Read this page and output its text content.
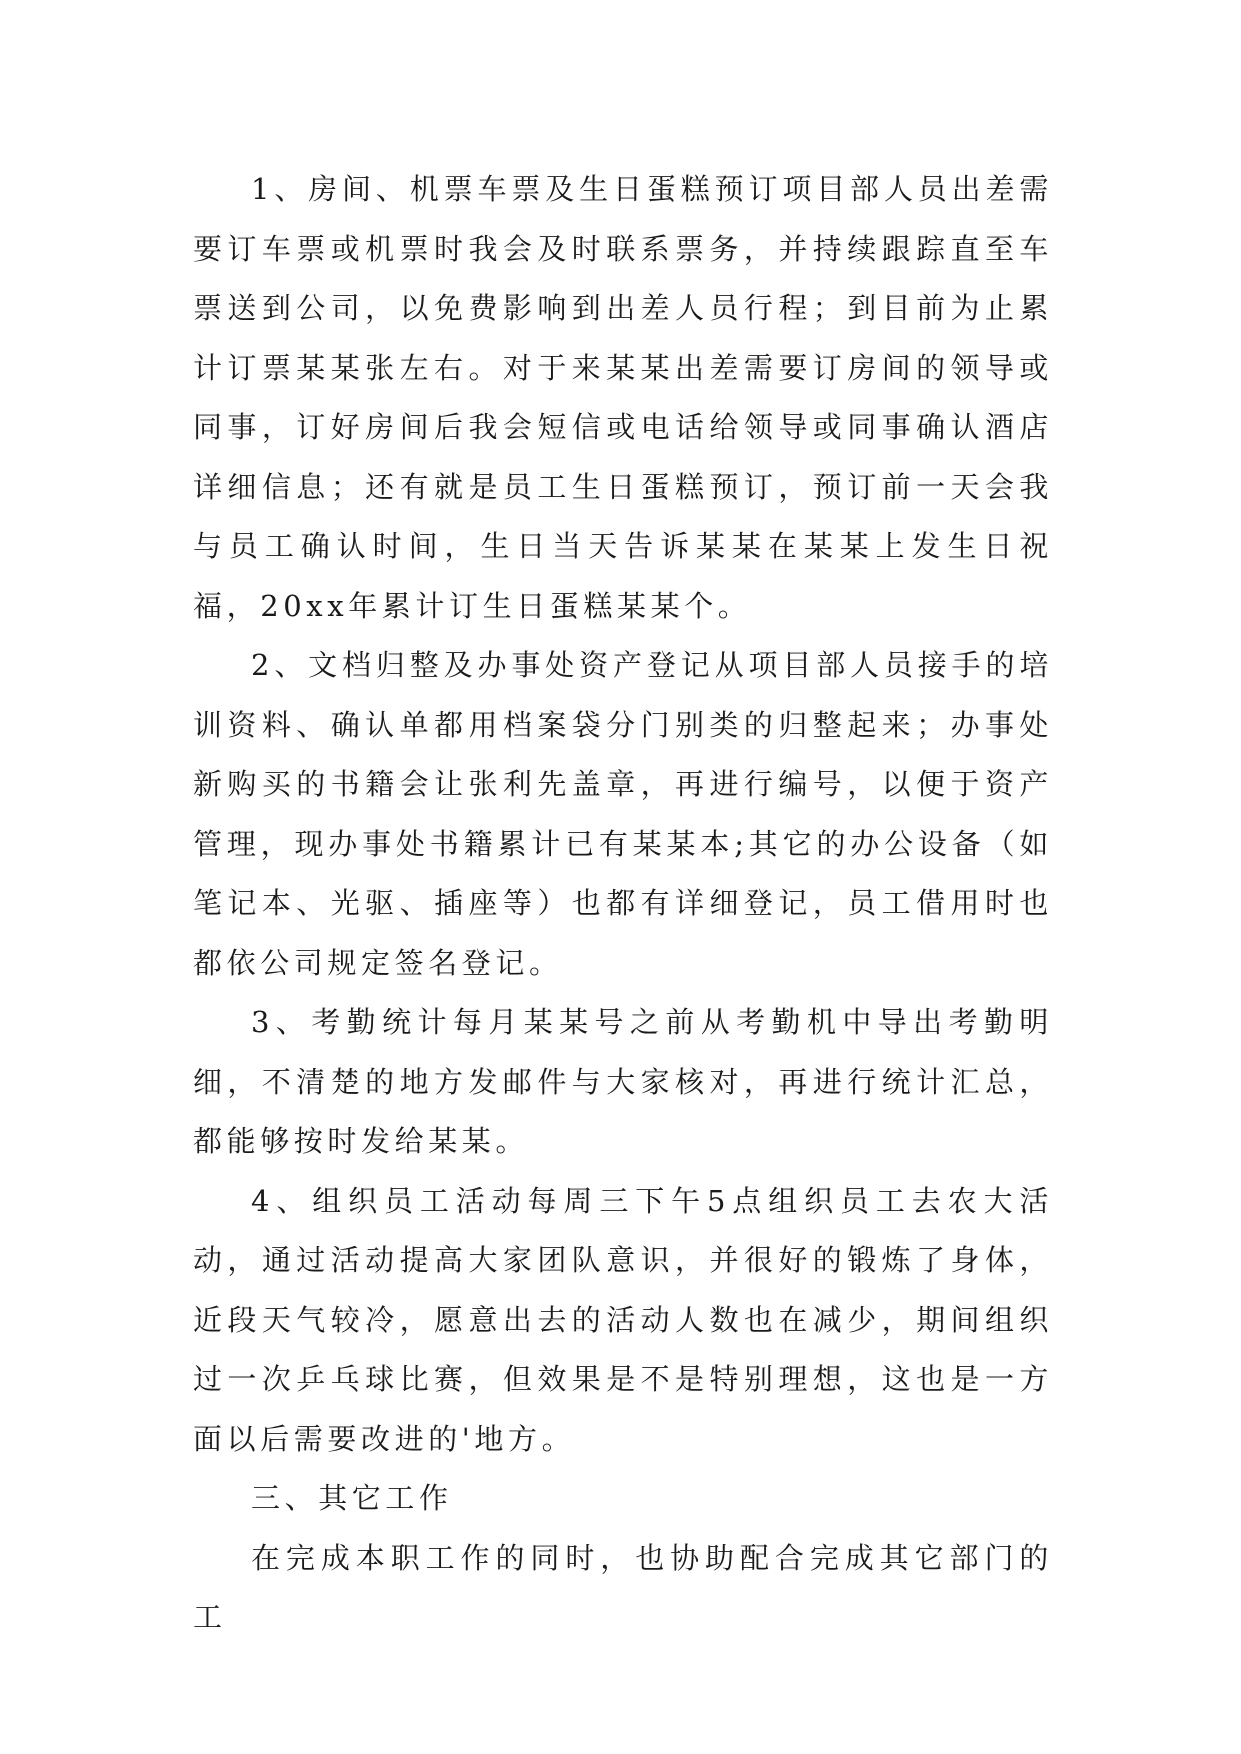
1、房间、机票车票及生日蛋糕预订项目部人员出差需要订车票或机票时我会及时联系票务，并持续跟踪直至车票送到公司，以免费影响到出差人员行程；到目前为止累计订票某某张左右。对于来某某出差需要订房间的领导或同事，订好房间后我会短信或电话给领导或同事确认酒店详细信息；还有就是员工生日蛋糕预订，预订前一天会我与员工确认时间，生日当天告诉某某在某某上发生日祝福，20xx年累计订生日蛋糕某某个。

2、文档归整及办事处资产登记从项目部人员接手的培训资料、确认单都用档案袋分门别类的归整起来；办事处新购买的书籍会让张利先盖章，再进行编号，以便于资产管理，现办事处书籍累计已有某某本;其它的办公设备（如笔记本、光驱、插座等）也都有详细登记，员工借用时也都依公司规定签名登记。

3、考勤统计每月某某号之前从考勤机中导出考勤明细，不清楚的地方发邮件与大家核对，再进行统计汇总，都能够按时发给某某。

4、组织员工活动每周三下午5点组织员工去农大活动，通过活动提高大家团队意识，并很好的锻炼了身体，近段天气较冷，愿意出去的活动人数也在减少，期间组织过一次乒乓球比赛，但效果是不是特别理想，这也是一方面以后需要改进的'地方。

三、其它工作

在完成本职工作的同时，也协助配合完成其它部门的工
